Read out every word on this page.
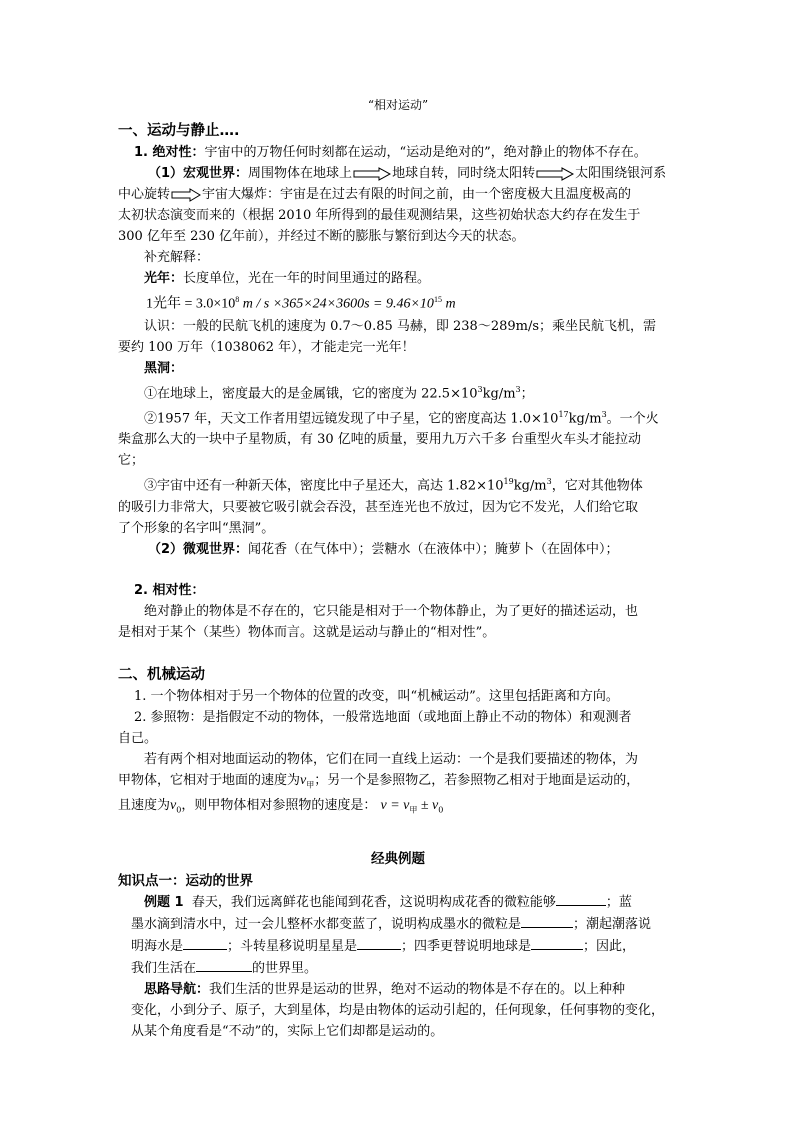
“相对运动”
一、运动与静止….

1. 绝对性：宇宙中的万物任何时刻都在运动，“运动是绝对的”，绝对静止的物体不存在。

（1）宏观世界：周围物体在地球上	地球自转，同时绕太阳转	太阳围绕银河系

中心旋转 宇宙大爆炸：宇宙是在过去有限的时间之前，由一个密度极大且温度极高的

太初状态演变而来的（根据 2010 年所得到的最佳观测结果，这些初始状态大约存在发生于

300 亿年至 230 亿年前），并经过不断的膨胀与繁衍到达今天的状态。

补充解释：

光年：长度单位，光在一年的时间里通过的路程。

1光年 = $3.0\times 10^8$ $m / s \times 365\times 24\times 3600s = 9.46\times 10^{15}$ m

认识：一般的民航飞机的速度为 0.7～0.85 马赫，即 238～289m/s；乘坐民航飞机，需

要约 100 万年（1038062 年），才能走完一光年！

黑洞：

①在地球上，密度最大的是金属锇，它的密度为 $22.5\times 10^3kg/m^3$；

②1957 年，天文工作者用望远镜发现了中子星，它的密度高达 $1.0\times 10^{17}kg/m^3$。一个火

柴盒那么大的一块中子星物质，有 30 亿吨的质量，要用九万六千多 台重型火车头才能拉动

它；

③宇宙中还有一种新天体，密度比中子星还大，高达 $1.82\times 10^{19}kg/m^3$，它对其他物体

的吸引力非常大，只要被它吸引就会吞没，甚至连光也不放过，因为它不发光，人们给它取

了个形象的名字叫“黑洞”。

（2）微观世界：闻花香（在气体中）；尝糖水（在液体中）；腌萝卜（在固体中）；

2. 相对性：

绝对静止的物体是不存在的，它只能是相对于一个物体静止，为了更好的描述运动，也

是相对于某个（某些）物体而言。这就是运动与静止的“相对性”。

二、机械运动

1. 一个物体相对于另一个物体的位置的改变，叫“机械运动”。这里包括距离和方向。

2. 参照物：是指假定不动的物体，一般常选地面（或地面上静止不动的物体）和观测者

自己。

若有两个相对地面运动的物体，它们在同一直线上运动：一个是我们要描述的物体，为

甲物体，它相对于地面的速度为$v_甲$；另一个是参照物乙，若参照物乙相对于地面是运动的，

且速度为$v_0$，则甲物体相对参照物的速度是： $v = v_甲 \pm v_0$

经典例题
知识点一：运动的世界

例题 1 春天，我们远离鲜花也能闻到花香，这说明构成花香的微粒能够	；蓝

墨水滴到清水中，过一会儿整杯水都变蓝了，说明构成墨水的微粒是	；潮起潮落说

明海水是	；斗转星移说明星星是	；四季更替说明地球是	；因此，

我们生活在	的世界里。

思路导航：我们生活的世界是运动的世界，绝对不运动的物体是不存在的。以上种种

变化，小到分子、原子，大到星体，均是由物体的运动引起的，任何现象，任何事物的变化，

从某个角度看是“不动”的，实际上它们却都是运动的。
